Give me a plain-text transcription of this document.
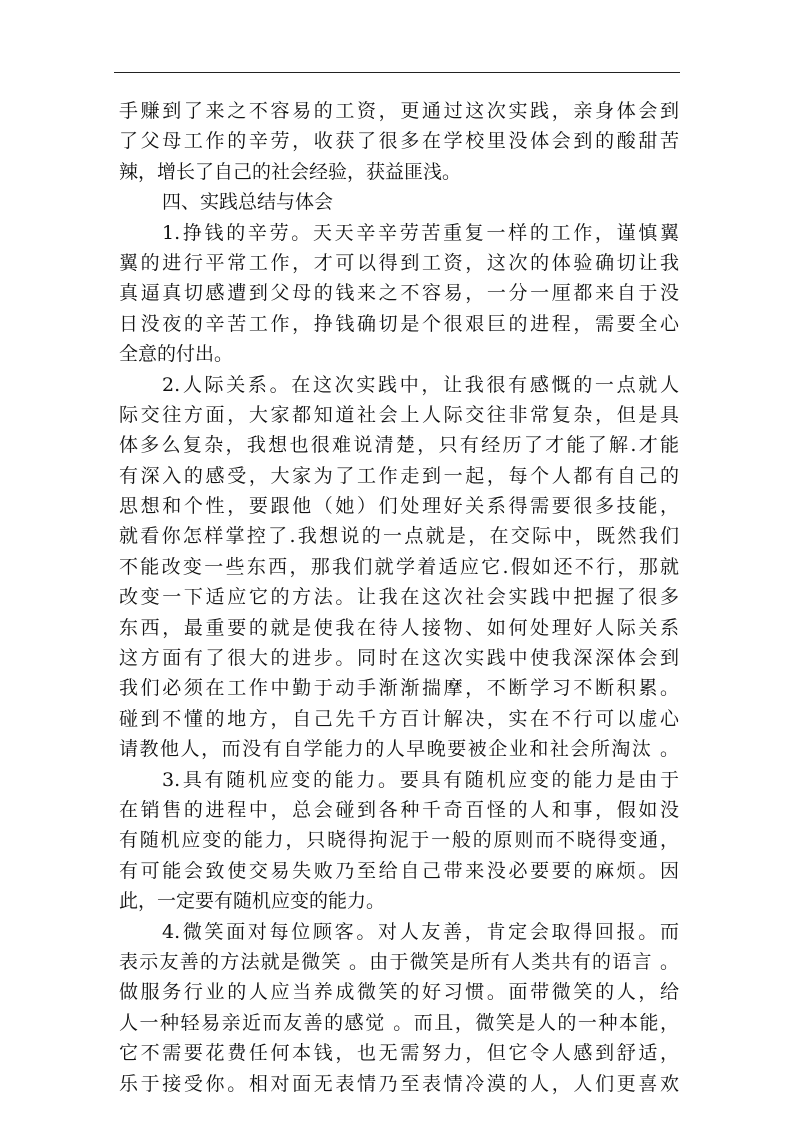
手赚到了来之不容易的工资，更通过这次实践，亲身体会到
了父母工作的辛劳，收获了很多在学校里没体会到的酸甜苦
辣，增长了自己的社会经验，获益匪浅。
四、实践总结与体会
1.挣钱的辛劳。天天辛辛劳苦重复一样的工作，谨慎翼
翼的进行平常工作，才可以得到工资，这次的体验确切让我
真逼真切感遭到父母的钱来之不容易，一分一厘都来自于没
日没夜的辛苦工作，挣钱确切是个很艰巨的进程，需要全心
全意的付出。
2.人际关系。在这次实践中，让我很有感慨的一点就人
际交往方面，大家都知道社会上人际交往非常复杂，但是具
体多么复杂，我想也很难说清楚，只有经历了才能了解.才能
有深入的感受，大家为了工作走到一起，每个人都有自己的
思想和个性，要跟他（她）们处理好关系得需要很多技能，
就看你怎样掌控了.我想说的一点就是，在交际中，既然我们
不能改变一些东西，那我们就学着适应它.假如还不行，那就
改变一下适应它的方法。让我在这次社会实践中把握了很多
东西，最重要的就是使我在待人接物、如何处理好人际关系
这方面有了很大的进步。同时在这次实践中使我深深体会到
我们必须在工作中勤于动手渐渐揣摩，不断学习不断积累。
碰到不懂的地方，自己先千方百计解决，实在不行可以虚心
请教他人，而没有自学能力的人早晚要被企业和社会所淘汰 。
3.具有随机应变的能力。要具有随机应变的能力是由于
在销售的进程中，总会碰到各种千奇百怪的人和事，假如没
有随机应变的能力，只晓得拘泥于一般的原则而不晓得变通，
有可能会致使交易失败乃至给自己带来没必要要的麻烦。因
此，一定要有随机应变的能力。
4.微笑面对每位顾客。对人友善，肯定会取得回报。而
表示友善的方法就是微笑 。由于微笑是所有人类共有的语言 。
做服务行业的人应当养成微笑的好习惯。面带微笑的人，给
人一种轻易亲近而友善的感觉 。而且，微笑是人的一种本能，
它不需要花费任何本钱，也无需努力，但它令人感到舒适，
乐于接受你。相对面无表情乃至表情冷漠的人，人们更喜欢
